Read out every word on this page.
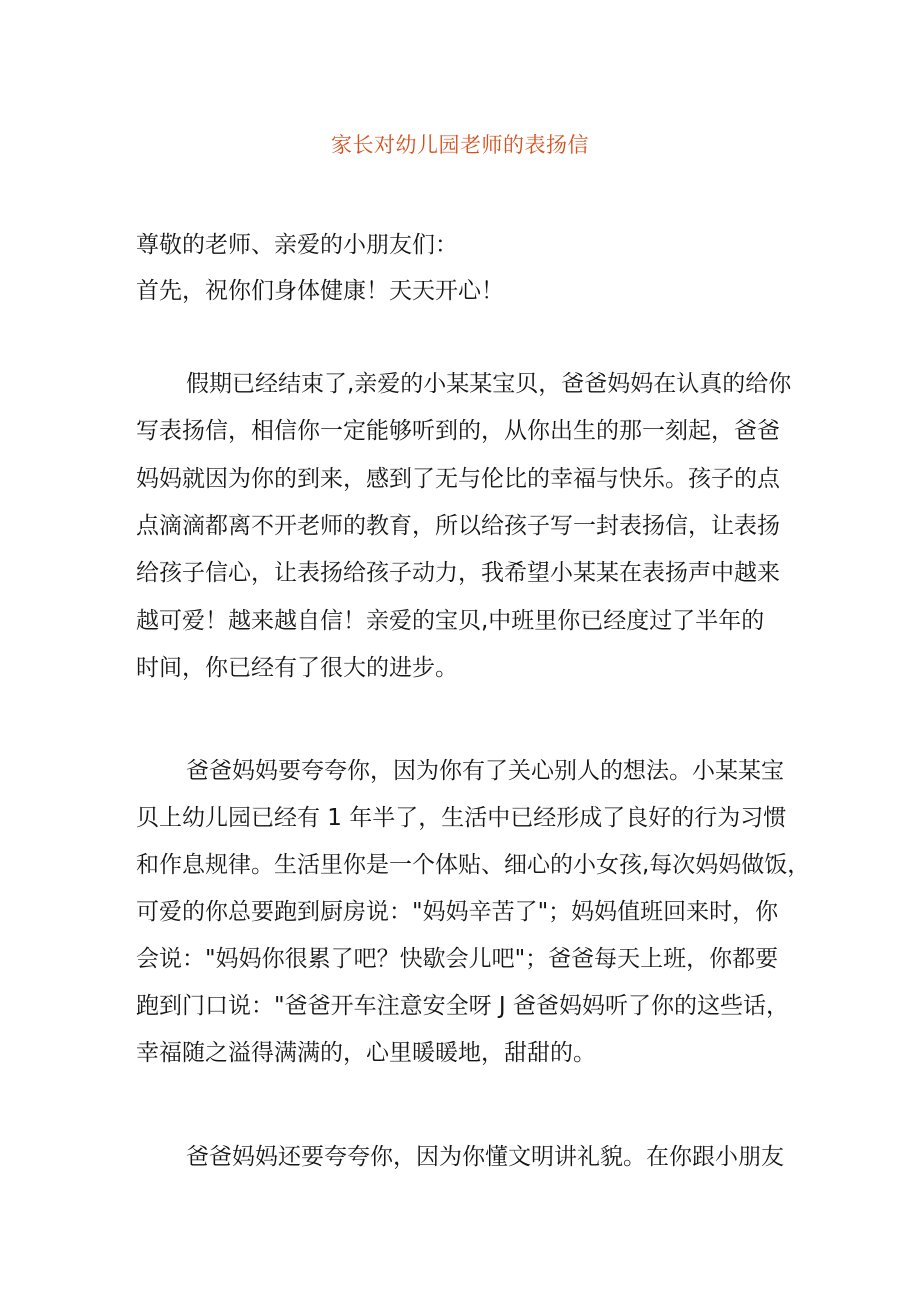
家长对幼儿园老师的表扬信
尊敬的老师、亲爱的小朋友们：
首先，祝你们身体健康！天天开心！
假期已经结束了,亲爱的小某某宝贝，爸爸妈妈在认真的给你
写表扬信，相信你一定能够听到的，从你出生的那一刻起，爸爸
妈妈就因为你的到来，感到了无与伦比的幸福与快乐。孩子的点
点滴滴都离不开老师的教育，所以给孩子写一封表扬信，让表扬
给孩子信心，让表扬给孩子动力，我希望小某某在表扬声中越来
越可爱！越来越自信！亲爱的宝贝,中班里你已经度过了半年的
时间，你已经有了很大的进步。
爸爸妈妈要夸夸你，因为你有了关心别人的想法。小某某宝
贝上幼儿园已经有 1 年半了，生活中已经形成了良好的行为习惯
和作息规律。生活里你是一个体贴、细心的小女孩,每次妈妈做饭，
可爱的你总要跑到厨房说："妈妈辛苦了"；妈妈值班回来时，你
会说："妈妈你很累了吧？快歇会儿吧"；爸爸每天上班，你都要
跑到门口说："爸爸开车注意安全呀 J 爸爸妈妈听了你的这些话，
幸福随之溢得满满的，心里暖暖地，甜甜的。
爸爸妈妈还要夸夸你，因为你懂文明讲礼貌。在你跟小朋友
